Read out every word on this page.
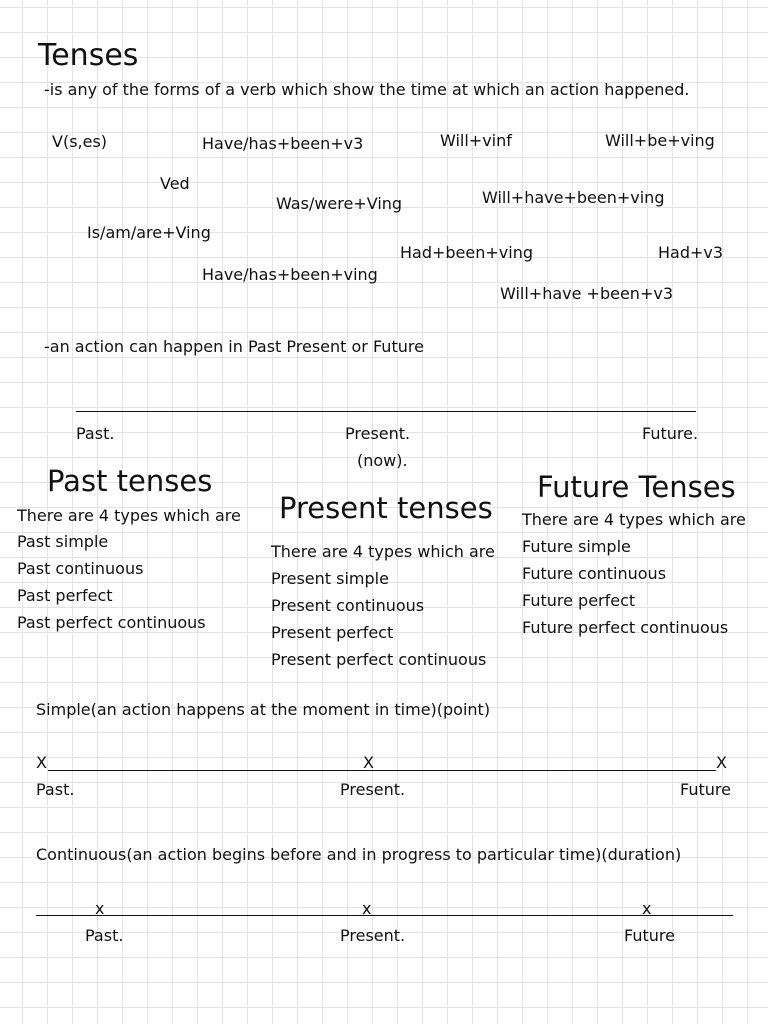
Tenses
-is any of the forms of a verb which show the time at which an action happened.
V(s,es)	Have/has+been+v3	Will+vinf	Will+be+ving
Ved
Was/were+Ving	Will+have+been+ving
Is/am/are+Ving
Had+been+ving	Had+v3
Have/has+been+ving
Will+have +been+v3
-an action can happen in Past Present or Future
Past.	Present.
(now).
Future.
Past tenses
There are 4 types which are
Past simple
Past continuous
Past perfect
Past perfect continuous
Present tenses
There are 4 types which are
Present simple
Present continuous
Present perfect
Present perfect continuous
Future Tenses
There are 4 types which are
Future simple
Future continuous
Future perfect
Future perfect continuous
Simple(an action happens at the moment in time)(point)
X	X	X
Past.	Present.	Future
Continuous(an action begins before and in progress to particular time)(duration)
x	x	x
Past.	Present.	Future
